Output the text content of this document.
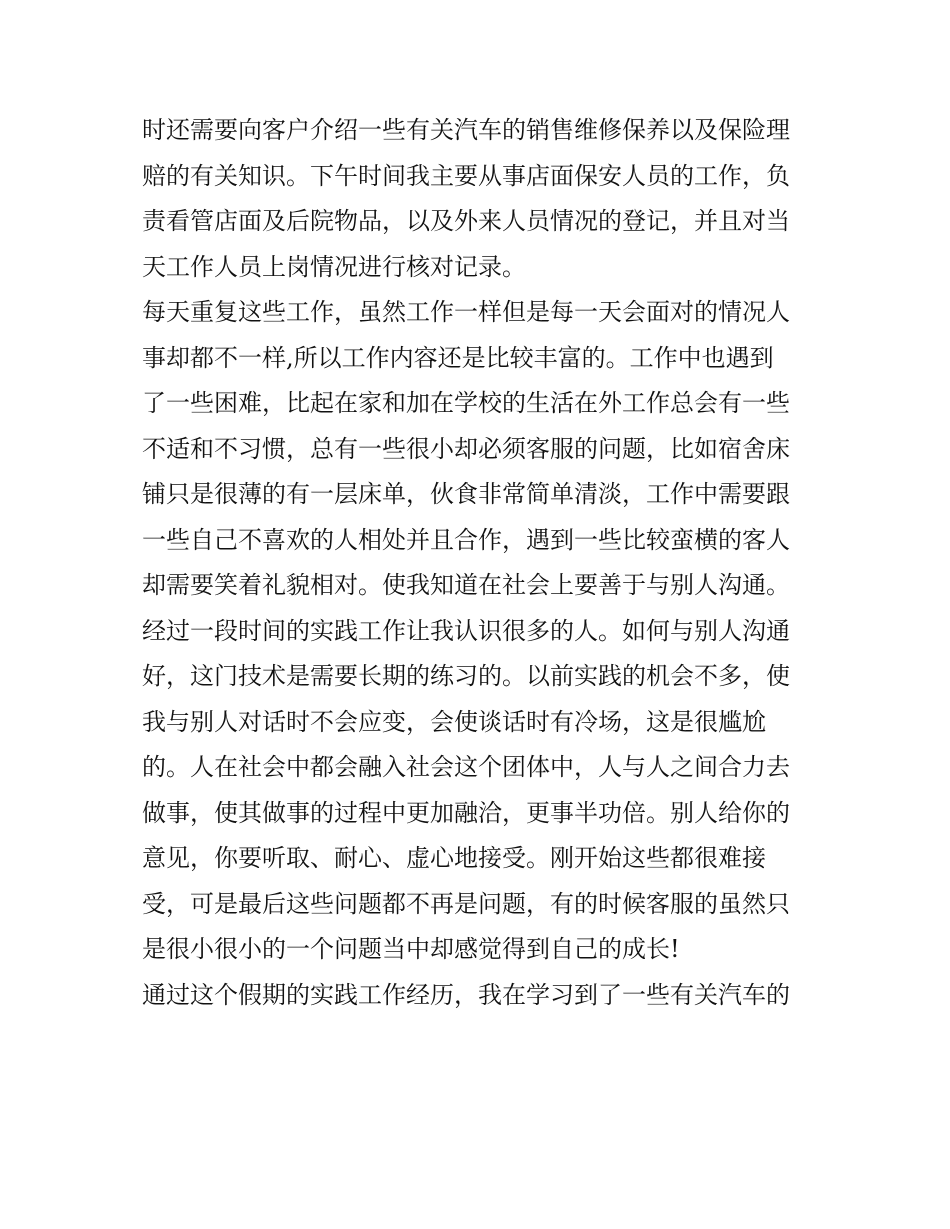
时还需要向客户介绍一些有关汽车的销售维修保养以及保险理
赔的有关知识。下午时间我主要从事店面保安人员的工作，负
责看管店面及后院物品，以及外来人员情况的登记，并且对当
天工作人员上岗情况进行核对记录。
每天重复这些工作，虽然工作一样但是每一天会面对的情况人
事却都不一样,所以工作内容还是比较丰富的。工作中也遇到
了一些困难，比起在家和加在学校的生活在外工作总会有一些
不适和不习惯，总有一些很小却必须客服的问题，比如宿舍床
铺只是很薄的有一层床单，伙食非常简单清淡，工作中需要跟
一些自己不喜欢的人相处并且合作，遇到一些比较蛮横的客人
却需要笑着礼貌相对。使我知道在社会上要善于与别人沟通。
经过一段时间的实践工作让我认识很多的人。如何与别人沟通
好，这门技术是需要长期的练习的。以前实践的机会不多，使
我与别人对话时不会应变，会使谈话时有冷场，这是很尴尬
的。人在社会中都会融入社会这个团体中，人与人之间合力去
做事，使其做事的过程中更加融洽，更事半功倍。别人给你的
意见，你要听取、耐心、虚心地接受。刚开始这些都很难接
受，可是最后这些问题都不再是问题，有的时候客服的虽然只
是很小很小的一个问题当中却感觉得到自己的成长!
通过这个假期的实践工作经历，我在学习到了一些有关汽车的
